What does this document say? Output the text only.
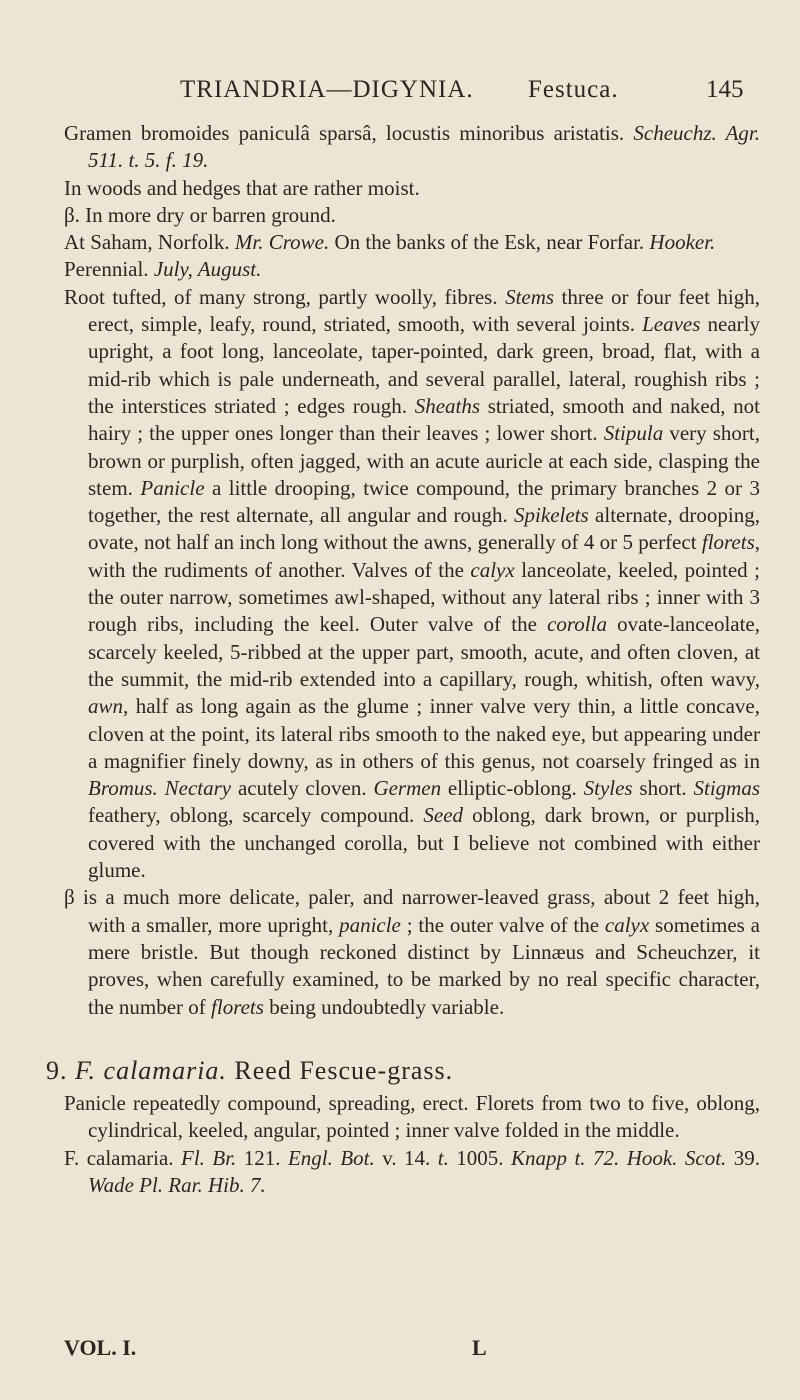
TRIANDRIA—DIGYNIA. Festuca.	145

Gramen bromoides paniculâ sparsâ, locustis minoribus aristatis. Scheuchz. Agr. 511. t. 5. f. 19.

In woods and hedges that are rather moist.

β. In more dry or barren ground.

At Saham, Norfolk. Mr. Crowe. On the banks of the Esk, near Forfar. Hooker.

Perennial. July, August.

Root tufted, of many strong, partly woolly, fibres. Stems three or four feet high, erect, simple, leafy, round, striated, smooth, with several joints. Leaves nearly upright, a foot long, lanceolate, taper-pointed, dark green, broad, flat, with a mid-rib which is pale underneath, and several parallel, lateral, roughish ribs ; the interstices striated ; edges rough. Sheaths striated, smooth and naked, not hairy ; the upper ones longer than their leaves ; lower short. Stipula very short, brown or purplish, often jagged, with an acute auricle at each side, clasping the stem. Panicle a little drooping, twice compound, the primary branches 2 or 3 together, the rest alternate, all angular and rough. Spikelets alternate, drooping, ovate, not half an inch long without the awns, generally of 4 or 5 perfect florets, with the rudiments of another. Valves of the calyx lanceolate, keeled, pointed ; the outer narrow, sometimes awl-shaped, without any lateral ribs ; inner with 3 rough ribs, including the keel. Outer valve of the corolla ovate-lanceolate, scarcely keeled, 5-ribbed at the upper part, smooth, acute, and often cloven, at the summit, the mid-rib extended into a capillary, rough, whitish, often wavy, awn, half as long again as the glume ; inner valve very thin, a little concave, cloven at the point, its lateral ribs smooth to the naked eye, but appearing under a magnifier finely downy, as in others of this genus, not coarsely fringed as in Bromus. Nectary acutely cloven. Germen elliptic-oblong. Styles short. Stigmas feathery, oblong, scarcely compound. Seed oblong, dark brown, or purplish, covered with the unchanged corolla, but I believe not combined with either glume.

β is a much more delicate, paler, and narrower-leaved grass, about 2 feet high, with a smaller, more upright, panicle ; the outer valve of the calyx sometimes a mere bristle. But though reckoned distinct by Linnæus and Scheuchzer, it proves, when carefully examined, to be marked by no real specific character, the number of florets being undoubtedly variable.

9. F. calamaria. Reed Fescue-grass.

Panicle repeatedly compound, spreading, erect. Florets from two to five, oblong, cylindrical, keeled, angular, pointed ; inner valve folded in the middle.

F. calamaria. Fl. Br. 121. Engl. Bot. v. 14. t. 1005. Knapp t. 72. Hook. Scot. 39. Wade Pl. Rar. Hib. 7.

VOL. I.	L
